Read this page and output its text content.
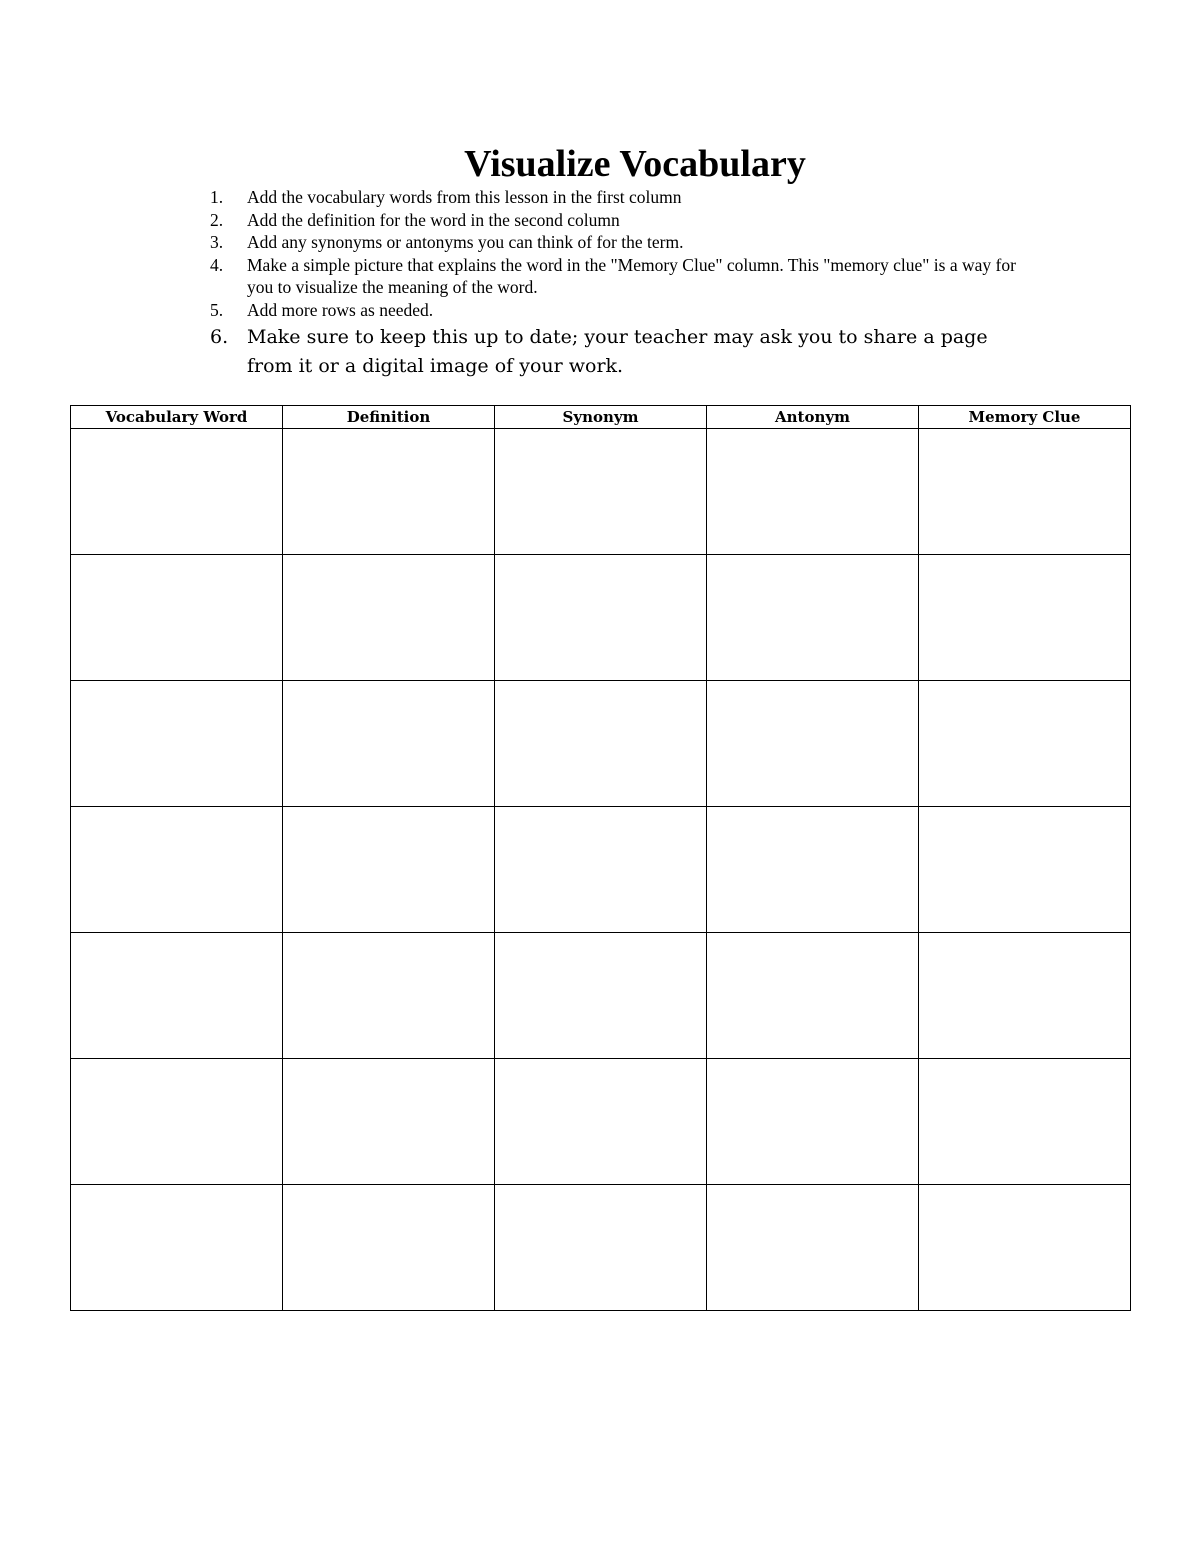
Visualize Vocabulary
1. Add the vocabulary words from this lesson in the first column
2. Add the definition for the word in the second column
3. Add any synonyms or antonyms you can think of for the term.
4. Make a simple picture that explains the word in the "Memory Clue" column. This "memory clue" is a way for you to visualize the meaning of the word.
5. Add more rows as needed.
6. Make sure to keep this up to date; your teacher may ask you to share a page from it or a digital image of your work.
Vocabulary Word	Definition	Synonym	Antonym	Memory Clue
